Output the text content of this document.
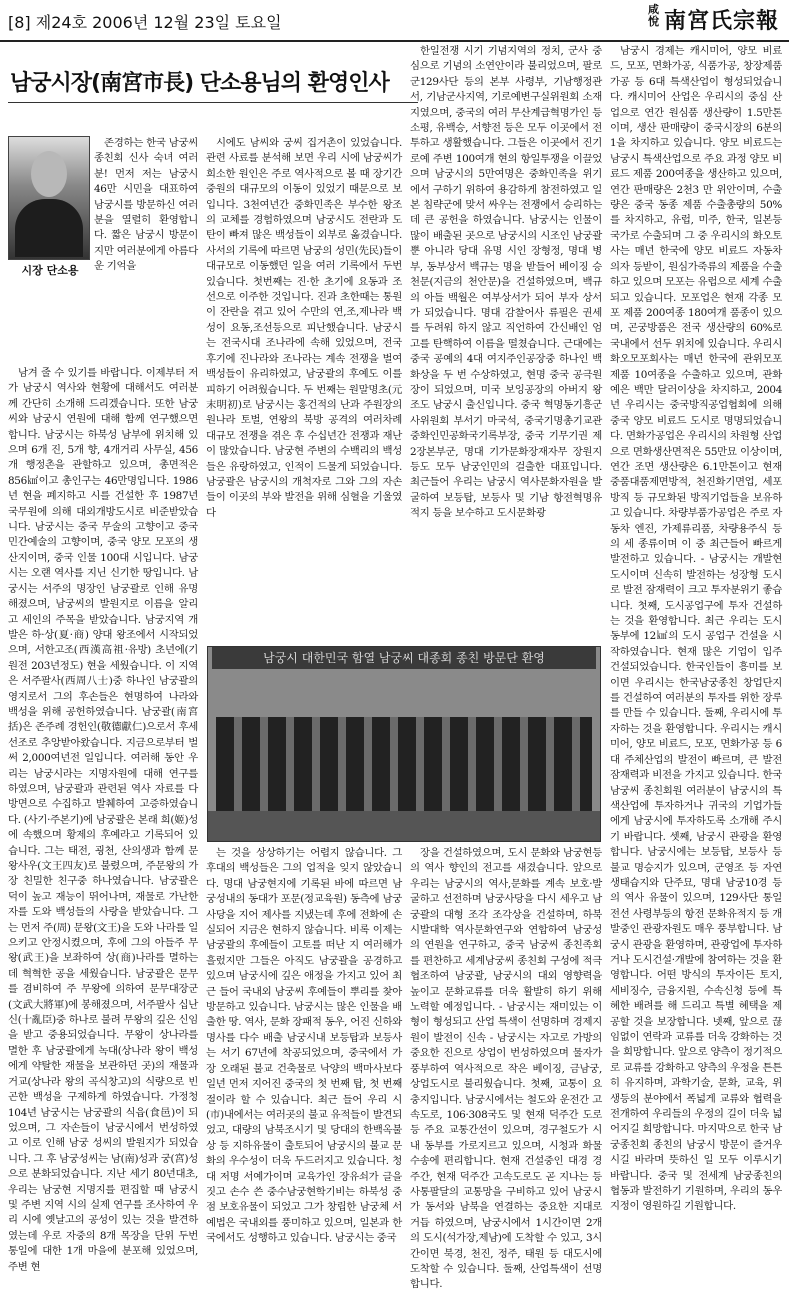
[8] 제24호 2006년 12월 23일 토요일
咸悅 南宮氏宗報
남궁시장(南宮市長) 단소용님의 환영인사
시장 단소용

존경하는 한국 남궁씨 종친회 신사 숙녀 여러분! 먼저 저는 남궁시 46만 시민을 대표하여 남궁시를 방문하신 여러분을 열렬히 환영합니다. 짧은 남궁시 방문이지만 여러분에게 아름다운 기억을

남겨 줄 수 있기를 바랍니다. 이제부터 저가 남궁시 역사와 현황에 대해서도 여러분께 간단히 소개해 드리겠습니다. 또한 남궁씨와 남궁시 연원에 대해 함께 연구했으면 합니다. 남궁시는 하북성 남부에 위치해 있으며 6개 진, 5개 향, 4개거리 사무실, 456개 행정촌을 관할하고 있으며, 총면적은 856㎢이고 총인구는 46만명입니다. 1986년 현을 폐지하고 시를 건설한 후 1987년 국무원에 의해 대외개방도시로 비준받았습니다. 남궁시는 중국 무술의 고향이고 중국 민간예술의 고향이며, 중국 양모 모포의 생산지이며, 중국 인물 100대 시입니다. 남궁시는 오랜 역사를 지닌 신기한 땅입니다. 남궁시는 서주의 명장인 남궁괄로 인해 유명해졌으며, 남궁씨의 발원지로 이름을 알리고 세인의 주목을 받았습니다. 남궁지역 개발은 하·상(夏·商) 양대 왕조에서 시작되었으며, 서한고조(西漢高祖·유방) 초년에(기원전 203년정도) 현을 세웠습니다. 이 지역은 서주팔사(西周八士)중 하나인 남궁괄의 영지로서 그의 후손들은 현명하여 나라와 백성을 위해 공헌하였습니다. 남궁괄(南宮括)은 존주례 경헌인(敬德獻仁)으로서 후세 선조로 추앙받아왔습니다. 지금으로부터 벌써 2,000여년전 일입니다. 여러해 동안 우리는 남궁시라는 지명자원에 대해 연구를 하였으며, 남궁괄과 관련된 역사 자료를 다방면으로 수집하고 발췌하여 고증하였습니다. (사기·주본기)에 남궁괄은 본래 희(姬)성에 속했으며 황제의 후예라고 기록되어 있습니다. 그는 태전, 굉천, 산의생과 함께 문왕사우(文王四友)로 불렸으며, 주문왕의 가장 친밀한 친구중 하나였습니다. 남궁괄은 덕이 높고 재능이 뛰어나며, 재물로 가난한 자를 도와 백성들의 사랑을 받았습니다. 그는 먼저 주(周) 문왕(文王)을 도와 나라를 일으키고 안정시켰으며, 후에 그의 아들주 무왕(武王)을 보좌하여 상(商)나라를 멸하는데 혁혁한 공을 세웠습니다. 남궁괄은 문무를 겸비하여 주 무왕에 의하여 문무대장군(文武大將軍)에 봉해졌으며, 서주팔사 십난신(十亂臣)중 하나로 불려 무왕의 깊은 신임을 받고 중용되었습니다. 무왕이 상나라를 멸한 후 남궁괄에게 녹대(상나라 왕이 백성에게 약탈한 재물을 보관하던 곳)의 재물과 거교(상나라 왕의 곡식창고)의 식량으로 빈곤한 백성을 구제하게 하였습니다. 가정청 104년 남궁시는 남궁괄의 식읍(食邑)이 되었으며, 그 자손들이 남궁시에서 번성하였고 이로 인해 남궁 성씨의 발원지가 되었습니다. 그 후 남궁성씨는 남(南)성과 궁(宮)성으로 분화되었습니다. 지난 세기 80년대초, 우리는 남궁현 지명지를 편집할 때 남궁시 및 주변 지역 시의 실제 연구를 조사하여 우리 시에 옛날고의 공성이 있는 것을 발견하였는데 우로 자중의 8개 목장을 단위 두번 통일에 대한 1개 마을에 분포해 있었으며, 주변 현

시에도 남씨와 궁씨 집거촌이 있었습니다. 관련 사료를 분석해 보면 우리 시에 남궁씨가 희소한 원인은 주로 역사적으로 볼 때 장기간 중원의 대규모의 이동이 있었기 때문으로 보입니다. 3천여년간 중화민족은 부수한 왕조의 교체를 경험하였으며 남궁시도 전란과 도탄이 빠져 많은 백성들이 외부로 옮겼습니다. 사서의 기록에 따르면 남궁의 성민(先民)들이 대규모로 이동했던 일을 여러 기록에서 두번 있습니다. 첫번째는 진·한 초기에 요동과 조선으로 이주한 것입니다. 진과 초한때는 통원이 잔란을 겪고 있어 수만의 연,조,제나라 백성이 요동,조선등으로 피난했습니다. 남궁시는 전국시대 조나라에 속해 있었으며, 전국 후기에 진나라와 조나라는 계속 전쟁을 벌여 백성들이 유리하였고, 남궁괄의 후예도 이를 피하기 어려웠습니다. 두 번째는 원말명초(元末明初)로 남궁시는 홍건적의 난과 주원장의 원나라 토벌, 연왕의 북방 공격의 여러차례 대규모 전쟁을 겪은 후 수십년간 전쟁과 재난이 많았습니다. 남궁현 주변의 수백리의 백성들은 유랑하였고, 인적이 드물게 되었습니다. 남궁괄은 남궁시의 개척자로 그와 그의 자손들이 이곳의 부와 발전을 위해 심혈을 기울였다

는 것을 상상하기는 어렵지 않습니다. 그 후대의 백성들은 그의 업적을 잊지 않았습니다. 명대 남궁현지에 기록된 바에 따르면 남궁성내의 동대가 포문(정교육원) 동측에 남궁사당을 지어 제사를 지냈는데 후에 전화에 손실되어 지금은 현하지 않습니다. 비록 이제는 남궁괄의 후예들이 고토를 떠난 지 여러해가 흘렀지만 그들은 아직도 남궁괄을 공경하고 있으며 남궁시에 깊은 애정을 가지고 있어 최근 들어 국내외 남궁씨 후예들이 뿌리를 찾아 방문하고 있습니다. 남궁시는 많은 인물을 배출한 땅. 역사, 문화 장패적 동우, 어진 신하와 명사를 다수 배출 남궁시내 보등탑과 보등사는 서기 67년에 착공되었으며, 중국에서 가장 오래된 불교 건축물로 낙양의 백마사보다 일년 먼저 지어진 중국의 첫 번째 탑, 첫 번째 절이라 할 수 있습니다. 최근 들어 우리 시(市)내에서는 여러곳의 불교 유적들이 발견되었고, 대량의 남북조시기 및 당대의 한백옥불상 등 지하유물이 출토되어 남궁시의 불교 문화의 우수성이 더욱 두드러지고 있습니다. 청대 저명 서예가이며 교육가인 장유쇠가 글을 짓고 손수 쓴 중수남궁현학기비는 하북성 중점 보호유물이 되었고 그가 창립한 남궁체 서예법은 국내외를 풍미하고 있으며, 일본과 한국에서도 성행하고 있습니다. 남궁시는 중국

한일전쟁 시기 기념지역의 정치, 군사 중심으로 기념의 소연안이라 불리었으며, 팔로군129사단 등의 본부 사령부, 기남행정관서, 기남군사지역, 기로예변구실위원회 소재지였으며, 중국의 여러 무산계급혁명가인 등소평, 유백승, 서향전 등은 모두 이곳에서 전투하고 생활했습니다. 그들은 이곳에서 진기로예 주변 100여개 현의 항일투쟁을 이끌었으며 남궁시의 5만여명은 중화민족을 위기에서 구하기 위하여 용감하게 참전하였고 일본 침략군에 맞서 싸우는 전쟁에서 승리하는데 큰 공헌을 하였습니다. 남궁시는 인물이 많이 배출된 곳으로 남궁시의 시조인 남궁괄 뿐 아니라 당대 유명 시인 장형정, 명대 병부, 동부상서 백규는 명을 받들어 베이징 승천문(지금의 천안문)을 건설하였으며, 백규의 아들 백월은 여부상서가 되어 부자 상서가 되었습니다. 명대 감찰어사 류필은 권세를 두려워 하지 않고 직언하여 간신배인 엄고를 탄핵하여 이름을 떨쳤습니다. 근대에는 중국 공예의 4대 여지주인공장중 하나인 백화상을 두 번 수상하였고, 현명 중국 공극원장이 되었으며, 미국 보잉공장의 아버지 왕조도 남궁시 출신입니다. 중국 혁명동기흥군사위원회 부서기 마국석, 중국기명총기교관 중화인민공화국기록부장, 중국 기무기권 제2장본부군, 명대 기가문화장재자무 장원지 등도 모두 남궁인민의 걸출한 대표입니다. 최근들어 우리는 남궁시 역사문화자원을 발굴하여 보등탑, 보등사 및 기남 항전혁명유적지 등을 보수하고 도시문화광

장을 건설하였으며, 도시 문화와 남궁현등의 역사 향인의 전고를 새겼습니다. 앞으로 우리는 남궁시의 역사,문화를 계속 보호·발굴하고 선전하며 남궁사당을 다시 세우고 남궁괄의 대형 조각 조각상을 건설하며, 하북시발대학 역사문화연구와 연합하여 남궁성의 연원을 연구하고, 중국 남궁씨 종친족회를 편찬하고 세계남궁씨 종친회 구성에 적극 협조하여 남궁괄, 남궁시의 대외 영향력을 높이고 문화교류를 더욱 활발히 하기 위해 노력할 예정입니다. - 남궁시는 재미있는 이형이 형성되고 산업 특색이 선명하며 경제지원이 발전이 신속 - 남궁시는 자고로 가방의 중요한 진으로 상업이 번성하였으며 물자가 풍부하여 역사적으로 작은 베이징, 금남궁, 상업도시로 불리웠습니다. 첫째, 교통이 요충지입니다. 남궁시에서는 철도와 운전간 고속도로, 106·308국도 및 현재 덕주간 도로 등 주요 교통간선이 있으며, 경구철도가 시내 동부를 가로지르고 있으며, 시청과 화물수송에 편리합니다. 현재 건설중인 대경 경주간, 현재 덕주간 고속도로도 곧 지나는 등 사통팔달의 교통망을 구비하고 있어 남궁시가 동서와 남북을 연결하는 중요한 지대로 거듭 하였으며, 남궁시에서 1시간이면 2개의 도시(석가장,제남)에 도착할 수 있고, 3시간이면 북경, 천진, 정주, 태원 등 대도시에 도착할 수 있습니다. 둘째, 산업특색이 선명합니다.

남궁시 경제는 캐시미어, 양모 비료드, 모포, 면화가공, 식품가공, 창장제품 가공 등 6대 특색산업이 형성되었습니다. 캐시미어 산업은 우리시의 중심 산업으로 연간 원심품 생산량이 1.5만톤이며, 생산 판매량이 중국시장의 6분의 1을 차지하고 있습니다. 양모 비료드는 남궁시 특색산업으로 주요 과정 양모 비료드 제품 200여종을 생산하고 있으며, 연간 판매량은 2천3 만 위안이며, 수출량은 중국 동종 제품 수출총량의 50%를 차지하고, 유럽, 미주, 한국, 일본등 국가로 수출되며 그 중 우리시의 화오토사는 매년 한국에 양모 비료드 자동차 의자 등받이, 원심가죽류의 제품을 수출하고 있으며 모포는 유럽으로 세계 수출되고 있습니다. 모포업은 현재 각종 모포 제품 200여종 180여개 품종이 있으며, 곤궁방품은 전국 생산량의 60%로 국내에서 선두 위치에 있습니다. 우리시 화오모포회사는 매년 한국에 관위모포제품 10여종을 수출하고 있으며, 관화예은 백만 달러이상을 차지하고, 2004년 우리시는 중국방직공업협회에 의해 중국 양모 비료드 도시로 명명되었습니다. 면화가공업은 우리시의 차원형 산업으로 면화생산면적은 55만묘 이상이며, 연간 조면 생산량은 6.1만톤이고 현재 중품대품제면방적, 천진화기면업, 세포방직 등 규모화된 방직기업들을 보유하고 있습니다. 차량부품가공업은 주로 자동차 엔진, 가제류리품, 차량용주식 등의 세 종류이며 이 중 최근들어 빠르게 발전하고 있습니다. - 남궁시는 개발현도시이며 신속히 발전하는 성장형 도시로 발전 잠재력이 크고 투자분위기 좋습니다. 첫째, 도시공업구에 투자 건설하는 것을 환영합니다. 최근 우리는 도시 동부에 12㎢의 도시 공업구 건설을 시작하였습니다. 현재 많은 기업이 입주 건설되었습니다. 한국인들이 흥미를 보이면 우리시는 한국남궁종친 창업단지를 건설하여 여러분의 투자를 위한 장루를 만들 수 있습니다. 둘째, 우리시에 투자하는 것을 환영합니다. 우리시는 캐시미어, 양모 비료드, 모포, 면화가공 등 6대 주체산업의 발전이 빠르며, 큰 발전 잠재력과 비전을 가지고 있습니다. 한국 남궁씨 종친회원 여러분이 남궁시의 특색산업에 투자하거나 귀국의 기업가들에게 남궁시에 투자하도록 소개해 주시기 바랍니다. 셋째, 남궁시 관광을 환영합니다. 남궁시에는 보등탑, 보등사 등 불교 명승지가 있으며, 군영조 등 자연생태습지와 단주묘, 명대 남궁10경 등의 역사 유물이 있으며, 129사단 통일전선 사령부등의 항전 문화유적지 등 개발중인 관광자원도 매우 풍부합니다. 남궁시 관광을 환영하며, 관광업에 투자하거나 도시건설·개발에 참여하는 것을 환영합니다. 어떤 방식의 투자이든 토지, 세비징수, 금융지원, 수속신청 등에 특혜한 배려를 해 드리고 특별 혜택을 제공할 것을 보장합니다. 넷째, 앞으로 끊임없이 연락과 교류를 더욱 강화하는 것을 희망합니다. 앞으로 양측이 정기적으로 교류를 강화하고 양측의 우정을 튼튼히 유지하며, 과학기술, 문화, 교육, 위생등의 분야에서 폭넓게 교류와 협력을 전개하여 우리들의 우정의 길이 더욱 넓어지길 희망합니다. 마지막으로 한국 남궁종친회 종친의 남궁시 방문이 즐거우시길 바라며 뜻하신 일 모두 이루시기 바랍니다. 중국 및 전세계 남궁종친의 협동과 발전하기 기원하며, 우리의 동우지정이 영원하길 기원합니다.

남궁시 대한민국 함열 남궁씨 대종회 종친 방문단 환영
